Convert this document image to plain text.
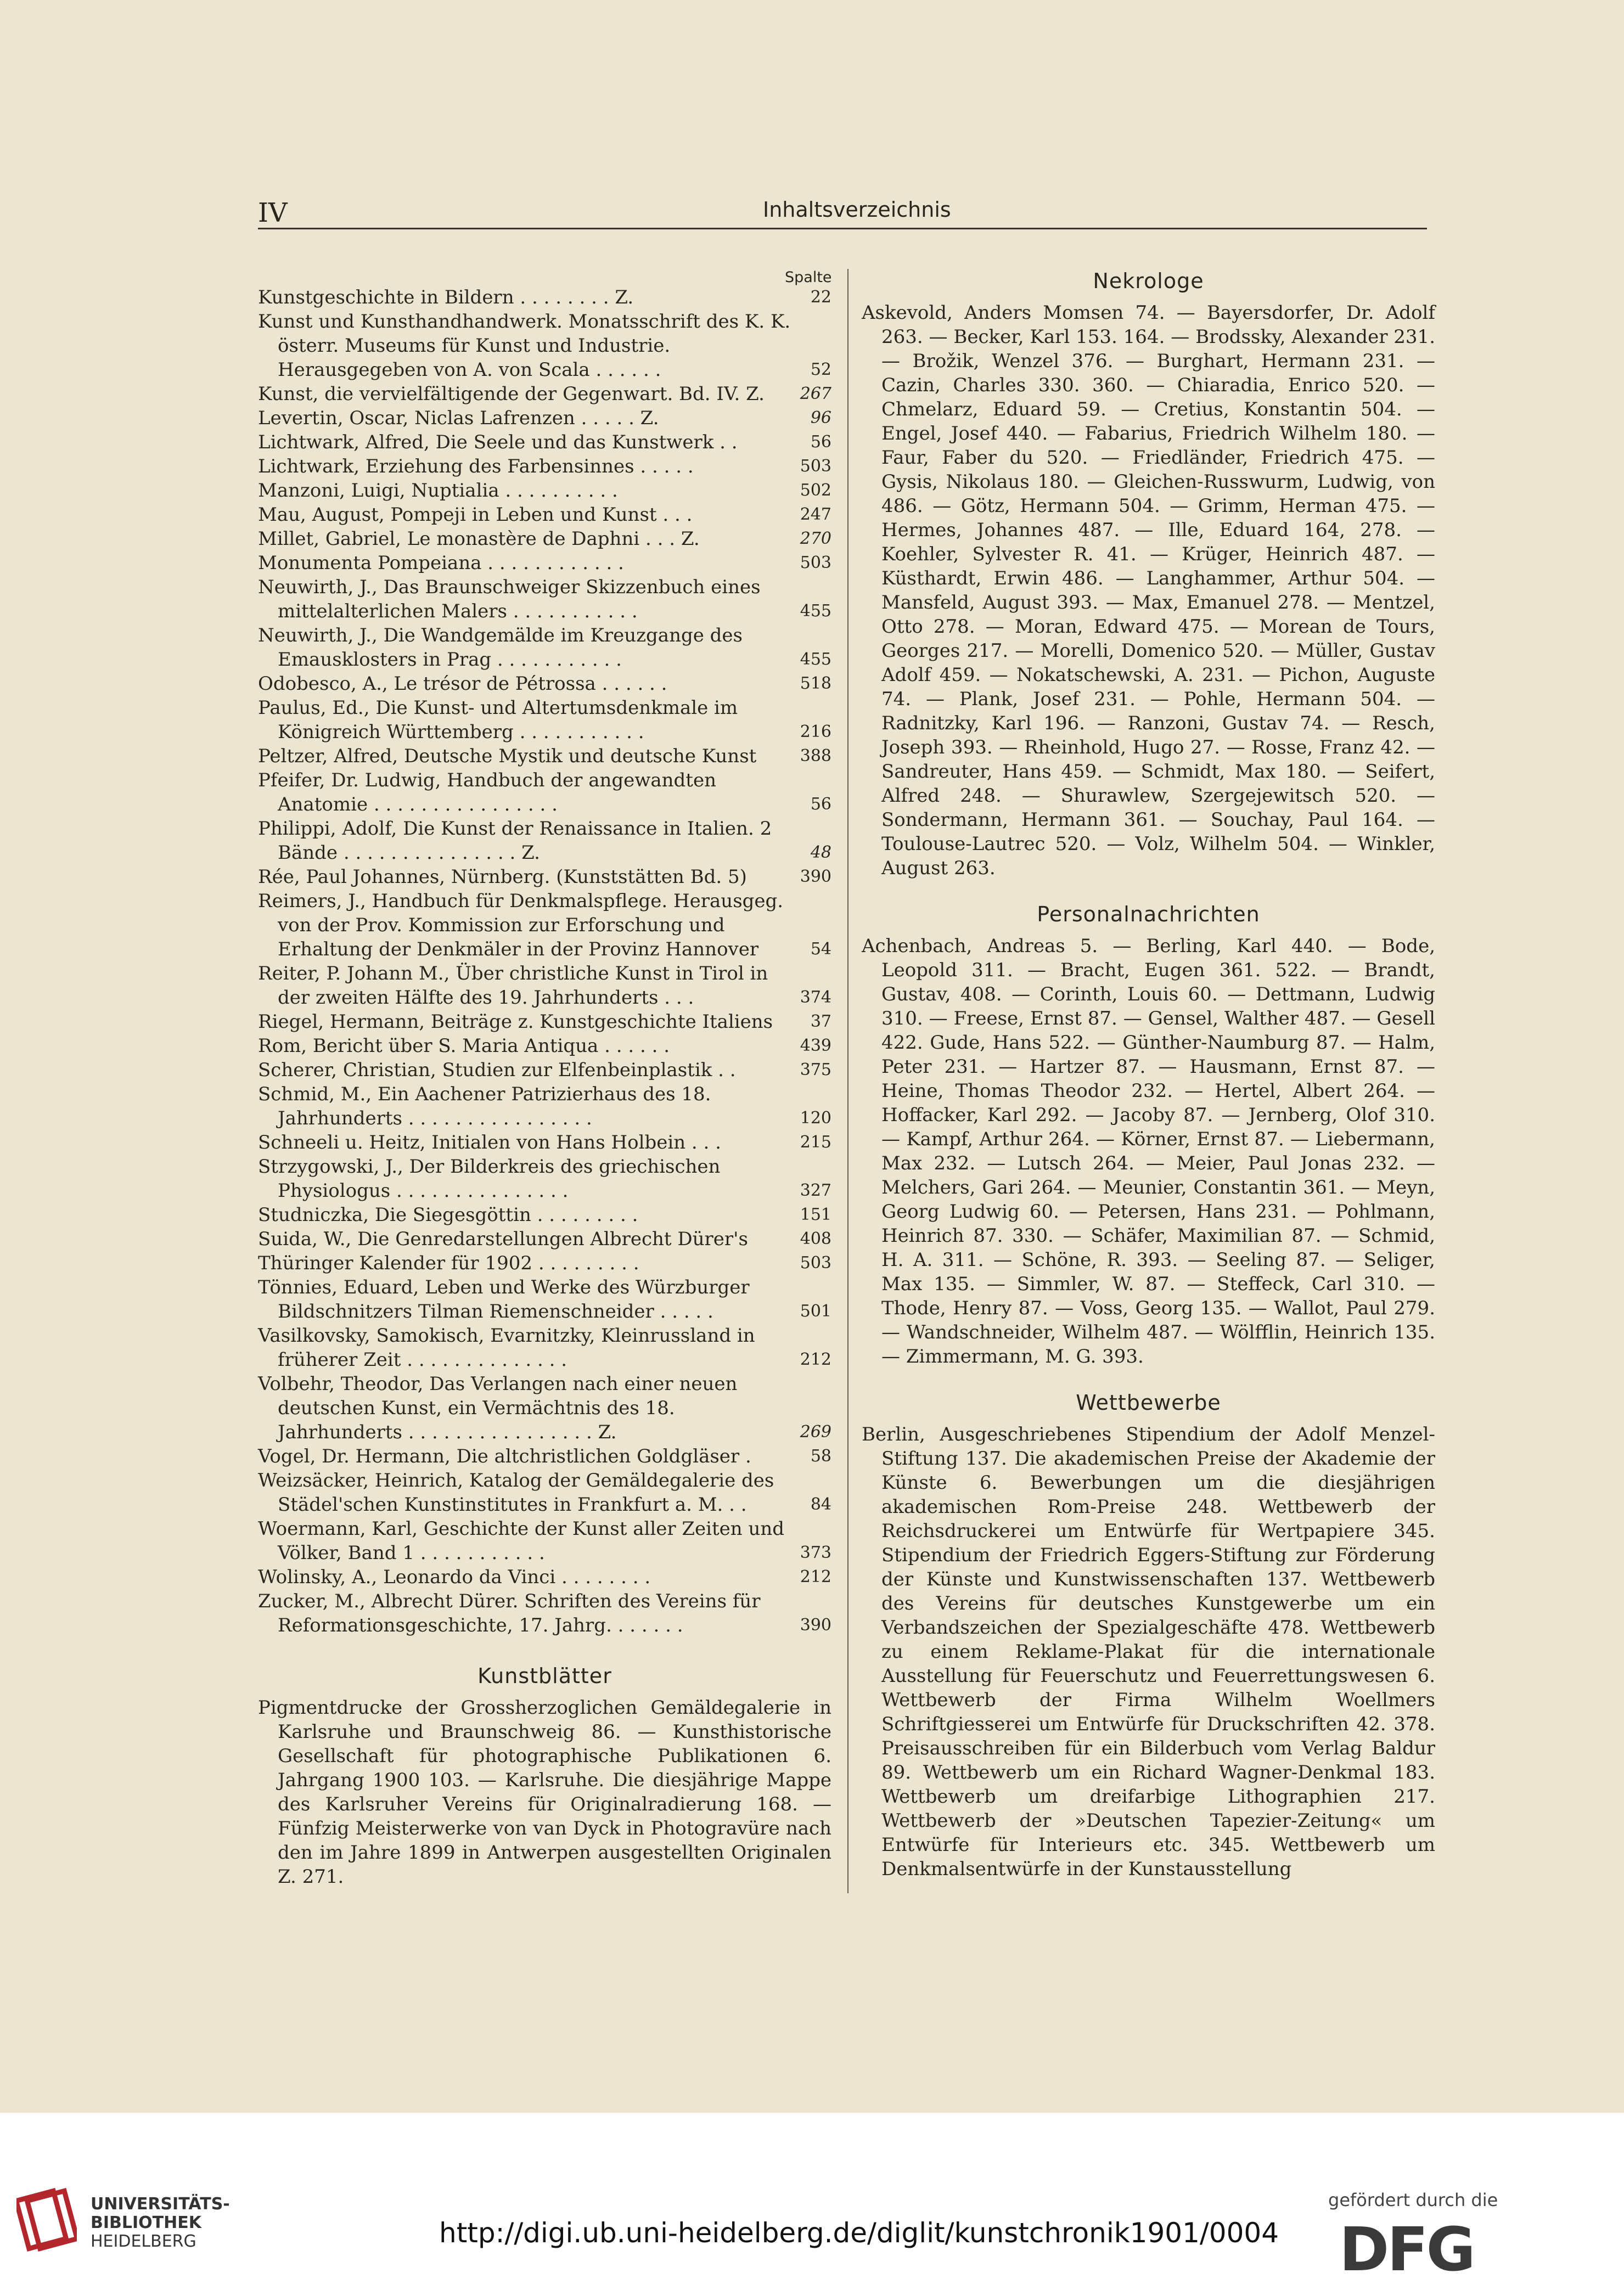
IV	Inhaltsverzeichnis
Spalte
Kunstgeschichte in Bildern . . . . . . . . Z.	22
Kunst und Kunsthandhandwerk. Monatsschrift des K. K. österr. Museums für Kunst und Industrie. Herausgegeben von A. von Scala . . . . . .	52
Kunst, die vervielfältigende der Gegenwart. Bd. IV. Z. 267
Levertin, Oscar, Niclas Lafrenzen . . . . . Z.	96
Lichtwark, Alfred, Die Seele und das Kunstwerk . .	56
Lichtwark, Erziehung des Farbensinnes . . . . .	503
Manzoni, Luigi, Nuptialia . . . . . . . . . .	502
Mau, August, Pompeji in Leben und Kunst . . .	247
Millet, Gabriel, Le monastère de Daphni . . . Z.	270
Monumenta Pompeiana . . . . . . . . . . . .	503
Neuwirth, J., Das Braunschweiger Skizzenbuch eines mittelalterlichen Malers . . . . . . . . . . .	455
Neuwirth, J., Die Wandgemälde im Kreuzgange des Emausklosters in Prag . . . . . . . . . . .	455
Odobesco, A., Le trésor de Pétrossa . . . . . .	518
Paulus, Ed., Die Kunst- und Altertumsdenkmale im Königreich Württemberg . . . . . . . . . . .	216
Peltzer, Alfred, Deutsche Mystik und deutsche Kunst	388
Pfeifer, Dr. Ludwig, Handbuch der angewandten Anatomie . . . . . . . . . . . . . . . .	56
Philippi, Adolf, Die Kunst der Renaissance in Italien. 2 Bände . . . . . . . . . . . . . . . Z.	48
Rée, Paul Johannes, Nürnberg. (Kunststätten Bd. 5)	390
Reimers, J., Handbuch für Denkmalspflege. Herausgeg. von der Prov. Kommission zur Erforschung und Erhaltung der Denkmäler in der Provinz Hannover	54
Reiter, P. Johann M., Über christliche Kunst in Tirol in der zweiten Hälfte des 19. Jahrhunderts . . .	374
Riegel, Hermann, Beiträge z. Kunstgeschichte Italiens 37
Rom, Bericht über S. Maria Antiqua . . . . . .	439
Scherer, Christian, Studien zur Elfenbeinplastik . .	375
Schmid, M., Ein Aachener Patrizierhaus des 18. Jahrhunderts . . . . . . . . . . . . . . . .	120
Schneeli u. Heitz, Initialen von Hans Holbein . . .	215
Strzygowski, J., Der Bilderkreis des griechischen Physiologus . . . . . . . . . . . . . . .	327
Studniczka, Die Siegesgöttin . . . . . . . . .	151
Suida, W., Die Genredarstellungen Albrecht Dürer's	408
Thüringer Kalender für 1902 . . . . . . . . .	503
Tönnies, Eduard, Leben und Werke des Würzburger Bildschnitzers Tilman Riemenschneider . . . . .	501
Vasilkovsky, Samokisch, Evarnitzky, Kleinrussland in früherer Zeit . . . . . . . . . . . . . .	212
Volbehr, Theodor, Das Verlangen nach einer neuen deutschen Kunst, ein Vermächtnis des 18. Jahrhunderts . . . . . . . . . . . . . . . . Z.	269
Vogel, Dr. Hermann, Die altchristlichen Goldgläser .	58
Weizsäcker, Heinrich, Katalog der Gemäldegalerie des Städel'schen Kunstinstitutes in Frankfurt a. M. . .	84
Woermann, Karl, Geschichte der Kunst aller Zeiten und Völker, Band 1 . . . . . . . . . . .	373
Wolinsky, A., Leonardo da Vinci . . . . . . . .	212
Zucker, M., Albrecht Dürer. Schriften des Vereins für Reformationsgeschichte, 17. Jahrg. . . . . . .	390
Kunstblätter
Pigmentdrucke der Grossherzoglichen Gemäldegalerie in Karlsruhe und Braunschweig 86. — Kunsthistorische Gesellschaft für photographische Publikationen 6. Jahrgang 1900 103. — Karlsruhe. Die diesjährige Mappe des Karlsruher Vereins für Originalradierung 168. — Fünfzig Meisterwerke von van Dyck in Photogravüre nach den im Jahre 1899 in Antwerpen ausgestellten Originalen Z. 271.
Nekrologe
Askevold, Anders Momsen 74. — Bayersdorfer, Dr. Adolf 263. — Becker, Karl 153. 164. — Brodssky, Alexander 231. — Brožik, Wenzel 376. — Burghart, Hermann 231. — Cazin, Charles 330. 360. — Chiaradia, Enrico 520. — Chmelarz, Eduard 59. — Cretius, Konstantin 504. — Engel, Josef 440. — Fabarius, Friedrich Wilhelm 180. — Faur, Faber du 520. — Friedländer, Friedrich 475. — Gysis, Nikolaus 180. — Gleichen-Russwurm, Ludwig, von 486. — Götz, Hermann 504. — Grimm, Herman 475. — Hermes, Johannes 487. — Ille, Eduard 164, 278. — Koehler, Sylvester R. 41. — Krüger, Heinrich 487. — Küsthardt, Erwin 486. — Langhammer, Arthur 504. — Mansfeld, August 393. — Max, Emanuel 278. — Mentzel, Otto 278. — Moran, Edward 475. — Morean de Tours, Georges 217. — Morelli, Domenico 520. — Müller, Gustav Adolf 459. — Nokatschewski, A. 231. — Pichon, Auguste 74. — Plank, Josef 231. — Pohle, Hermann 504. — Radnitzky, Karl 196. — Ranzoni, Gustav 74. — Resch, Joseph 393. — Rheinhold, Hugo 27. — Rosse, Franz 42. — Sandreuter, Hans 459. — Schmidt, Max 180. — Seifert, Alfred 248. — Shurawlew, Szergejewitsch 520. — Sondermann, Hermann 361. — Souchay, Paul 164. — Toulouse-Lautrec 520. — Volz, Wilhelm 504. — Winkler, August 263.
Personalnachrichten
Achenbach, Andreas 5. — Berling, Karl 440. — Bode, Leopold 311. — Bracht, Eugen 361. 522. — Brandt, Gustav, 408. — Corinth, Louis 60. — Dettmann, Ludwig 310. — Freese, Ernst 87. — Gensel, Walther 487. — Gesell 422. Gude, Hans 522. — Günther-Naumburg 87. — Halm, Peter 231. — Hartzer 87. — Hausmann, Ernst 87. — Heine, Thomas Theodor 232. — Hertel, Albert 264. — Hoffacker, Karl 292. — Jacoby 87. — Jernberg, Olof 310. — Kampf, Arthur 264. — Körner, Ernst 87. — Liebermann, Max 232. — Lutsch 264. — Meier, Paul Jonas 232. — Melchers, Gari 264. — Meunier, Constantin 361. — Meyn, Georg Ludwig 60. — Petersen, Hans 231. — Pohlmann, Heinrich 87. 330. — Schäfer, Maximilian 87. — Schmid, H. A. 311. — Schöne, R. 393. — Seeling 87. — Seliger, Max 135. — Simmler, W. 87. — Steffeck, Carl 310. — Thode, Henry 87. — Voss, Georg 135. — Wallot, Paul 279. — Wandschneider, Wilhelm 487. — Wölfflin, Heinrich 135. — Zimmermann, M. G. 393.
Wettbewerbe
Berlin, Ausgeschriebenes Stipendium der Adolf Menzel-Stiftung 137. Die akademischen Preise der Akademie der Künste 6. Bewerbungen um die diesjährigen akademischen Rom-Preise 248. Wettbewerb der Reichsdruckerei um Entwürfe für Wertpapiere 345. Stipendium der Friedrich Eggers-Stiftung zur Förderung der Künste und Kunstwissenschaften 137. Wettbewerb des Vereins für deutsches Kunstgewerbe um ein Verbandszeichen der Spezialgeschäfte 478. Wettbewerb zu einem Reklame-Plakat für die internationale Ausstellung für Feuerschutz und Feuerrettungswesen 6. Wettbewerb der Firma Wilhelm Woellmers Schriftgiesserei um Entwürfe für Druckschriften 42. 378. Preisausschreiben für ein Bilderbuch vom Verlag Baldur 89. Wettbewerb um ein Richard Wagner-Denkmal 183. Wettbewerb um dreifarbige Lithographien 217. Wettbewerb der »Deutschen Tapezier-Zeitung« um Entwürfe für Interieurs etc. 345. Wettbewerb um Denkmalsentwürfe in der Kunstausstellung
UNIVERSITÄTS-
BIBLIOTHEK
HEIDELBERG	http://digi.ub.uni-heidelberg.de/diglit/kunstchronik1901/0004
gefördert durch die
DFG
